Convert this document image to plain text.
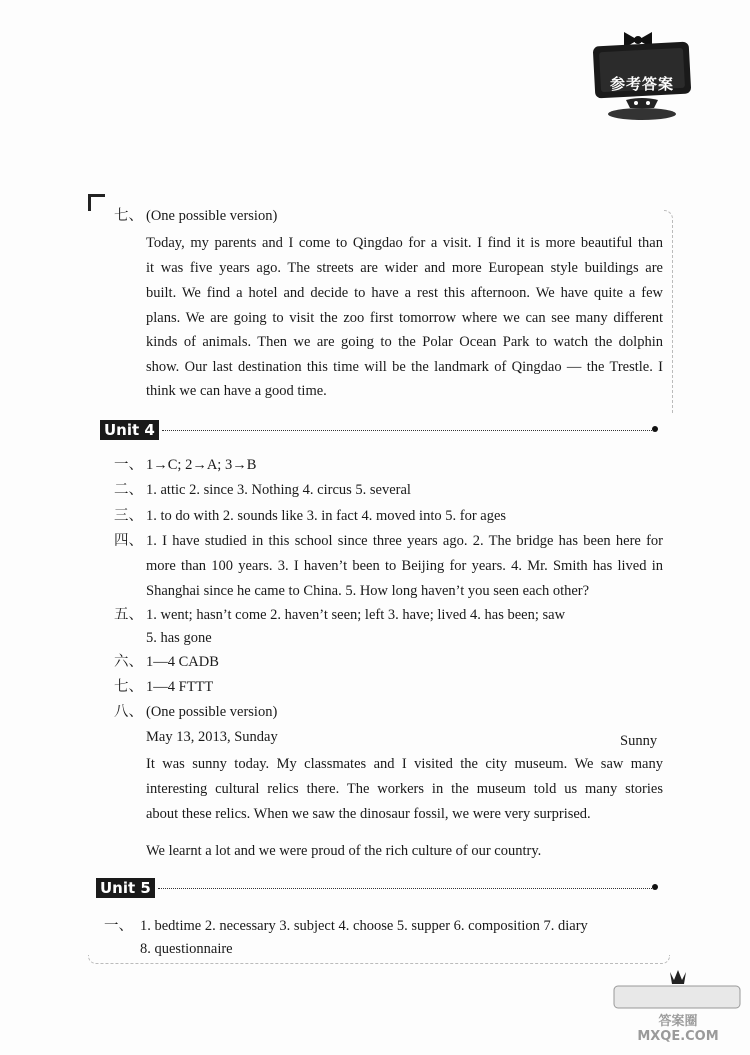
参考答案
七、 (One possible version)
Today, my parents and I come to Qingdao for a visit. I find it is more beautiful than
it was five years ago. The streets are wider and more European style buildings are
built. We find a hotel and decide to have a rest this afternoon. We have quite a few
plans. We are going to visit the zoo first tomorrow where we can see many different
kinds of animals. Then we are going to the Polar Ocean Park to watch the dolphin
show. Our last destination this time will be the landmark of Qingdao — the Trestle. I
think we can have a good time.
Unit 4
一、 1→C; 2→A; 3→B
二、 1. attic 2. since 3. Nothing 4. circus 5. several
三、 1. to do with 2. sounds like 3. in fact 4. moved into 5. for ages
四、 1. I have studied in this school since three years ago. 2. The bridge has been here for
more than 100 years. 3. I haven’t been to Beijing for years. 4. Mr. Smith has lived in
Shanghai since he came to China. 5. How long haven’t you seen each other?
五、 1. went; hasn’t come 2. haven’t seen; left 3. have; lived 4. has been; saw
5. has gone
六、 1—4 CADB
七、 1—4 FTTT
八、 (One possible version)
May 13, 2013, Sunday	Sunny
It was sunny today. My classmates and I visited the city museum. We saw many
interesting cultural relics there. The workers in the museum told us many stories
about these relics. When we saw the dinosaur fossil, we were very surprised.
We learnt a lot and we were proud of the rich culture of our country.
Unit 5
一、 1. bedtime 2. necessary 3. subject 4. choose 5. supper 6. composition 7. diary
8. questionnaire
答案圈 MXQE.COM
